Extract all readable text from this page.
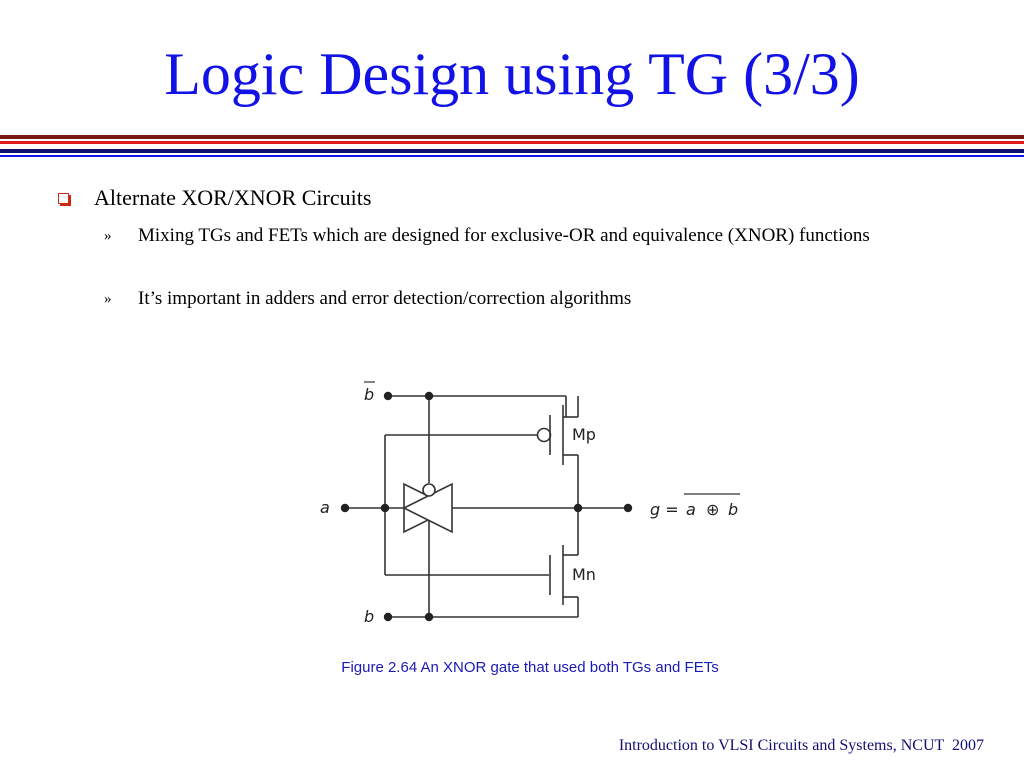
Logic Design using TG (3/3)
Alternate XOR/XNOR Circuits
» Mixing TGs and FETs which are designed for exclusive-OR and equivalence (XNOR) functions
» It’s important in adders and error detection/correction algorithms
b
a
b
Mp
Mn
g = a ⊕ b
Figure 2.64 An XNOR gate that used both TGs and FETs
Introduction to VLSI Circuits and Systems, NCUT  2007
